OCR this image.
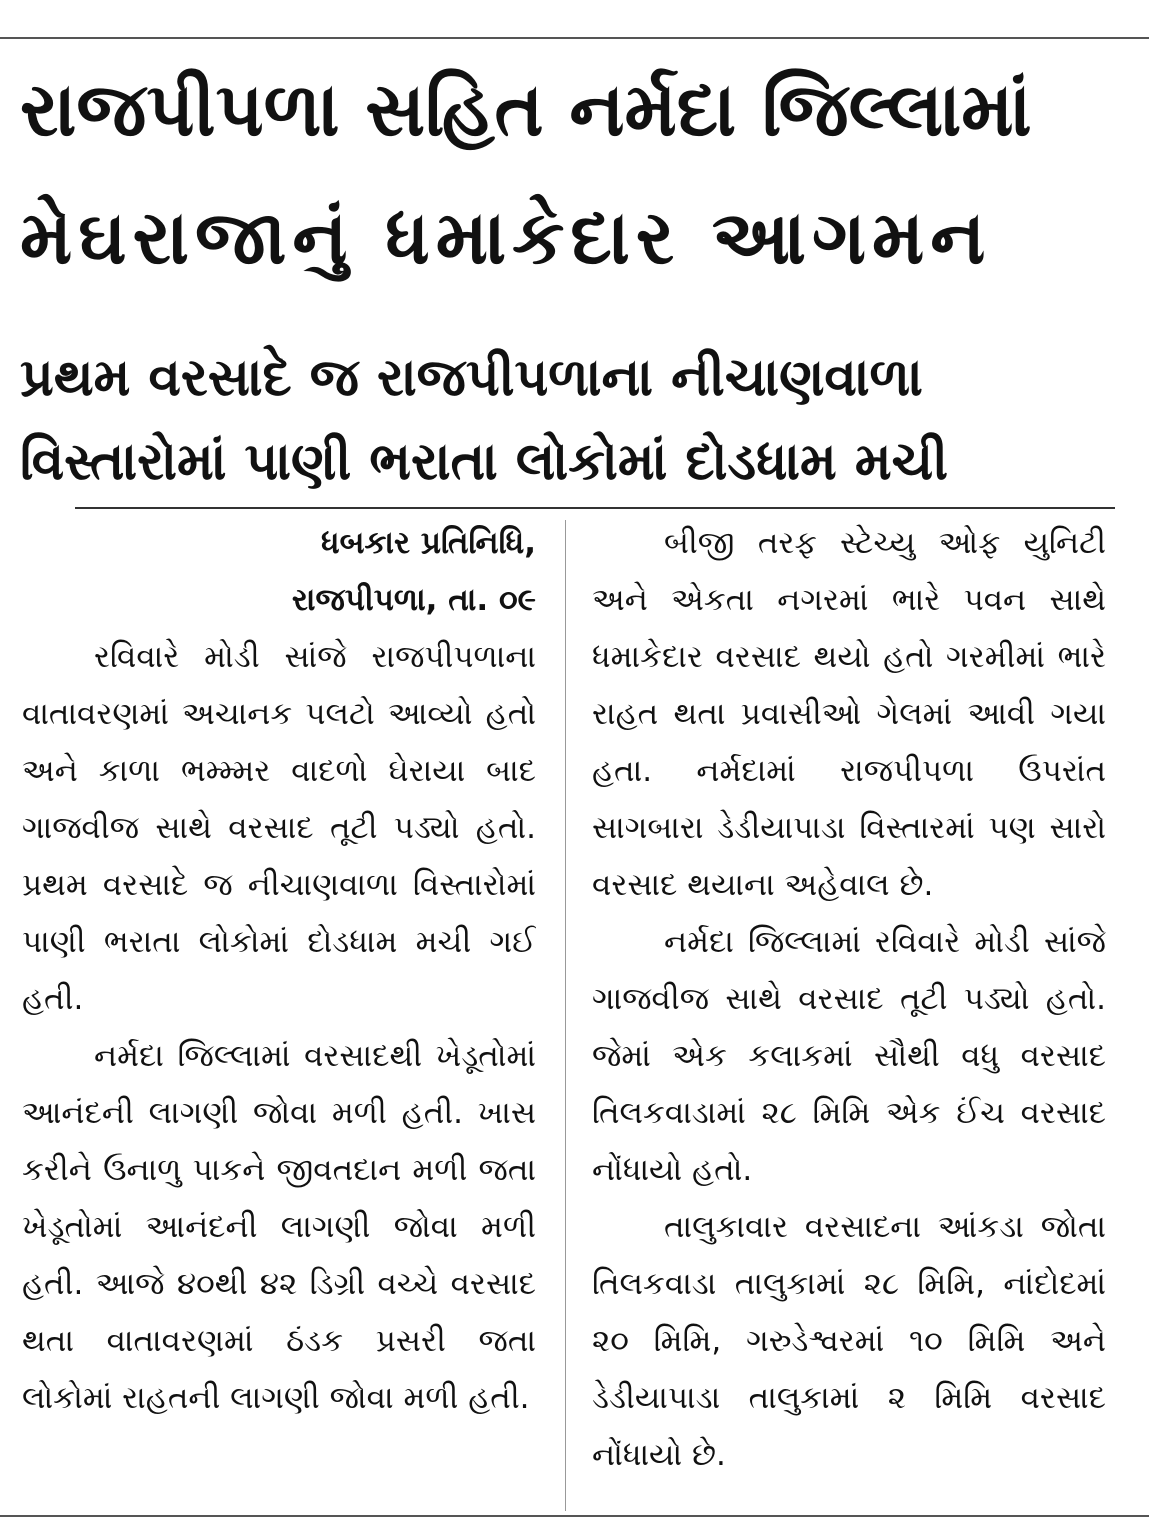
રાજપીપળા સહિત નર્મદા જિલ્લામાં
મેઘરાજાનું ધમાકેદાર આગમન
પ્રથમ વરસાદે જ રાજપીપળાના નીચાણવાળા
વિસ્તારોમાં પાણી ભરાતા લોકોમાં દોડધામ મચી

ધબકાર પ્રતિનિધિ,

રાજપીપળા, તા. ૦૯

રવિવારે મોડી સાંજે રાજપીપળાના વાતાવરણમાં અચાનક પલટો આવ્યો હતો અને કાળા ભમ્મ્મર વાદળો ઘેરાયા બાદ ગાજવીજ સાથે વરસાદ તૂટી પડ્યો હતો. પ્રથમ વરસાદે જ નીચાણવાળા વિસ્તારોમાં પાણી ભરાતા લોકોમાં દોડધામ મચી ગઈ હતી.

નર્મદા જિલ્લામાં વરસાદથી ખેડૂતોમાં આનંદની લાગણી જોવા મળી હતી. ખાસ કરીને ઉનાળુ પાકને જીવતદાન મળી જતા ખેડૂતોમાં આનંદની લાગણી જોવા મળી હતી. આજે ૪૦થી ૪૨ ડિગ્રી વચ્ચે વરસાદ થતા વાતાવરણમાં ઠંડક પ્રસરી જતા લોકોમાં રાહતની લાગણી જોવા મળી હતી.

બીજી તરફ સ્ટેચ્યુ ઓફ યુનિટી અને એકતા નગરમાં ભારે પવન સાથે ધમાકેદાર વરસાદ થયો હતો ગરમીમાં ભારે રાહત થતા પ્રવાસીઓ ગેલમાં આવી ગયા હતા. નર્મદામાં રાજપીપળા ઉપરાંત સાગબારા ડેડીયાપાડા વિસ્તારમાં પણ સારો વરસાદ થયાના અહેવાલ છે.

નર્મદા જિલ્લામાં રવિવારે મોડી સાંજે ગાજવીજ સાથે વરસાદ તૂટી પડ્યો હતો. જેમાં એક કલાકમાં સૌથી વધુ વરસાદ તિલકવાડામાં ૨૮ મિમિ એક ઈંચ વરસાદ નોંધાયો હતો.

તાલુકાવાર વરસાદના આંકડા જોતા તિલકવાડા તાલુકામાં ૨૮ મિમિ, નાંદોદમાં ૨૦ મિમિ, ગરુડેશ્વરમાં ૧૦ મિમિ અને ડેડીયાપાડા તાલુકામાં ૨ મિમિ વરસાદ નોંધાયો છે.
